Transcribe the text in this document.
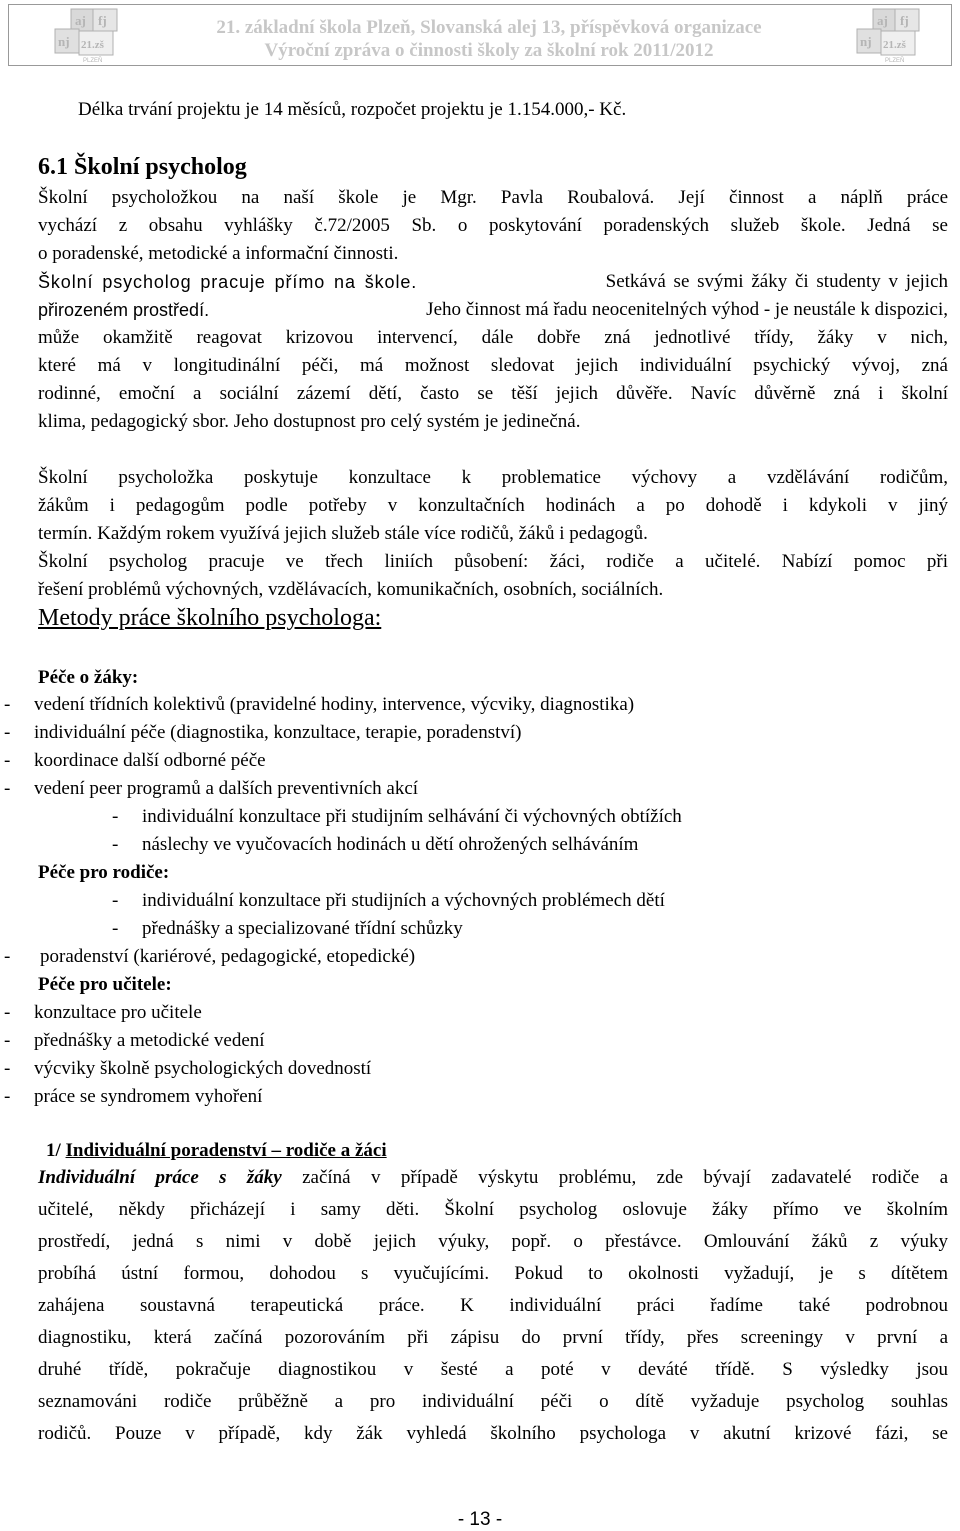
aj fj
nj 21.zš
PLZEŇ
21. základní škola Plzeň, Slovanská alej 13, příspěvková organizace
Výroční zpráva o činnosti školy za školní rok 2011/2012
aj fj
nj 21.zš
PLZEŇ
Délka trvání projektu je 14 měsíců, rozpočet projektu je 1.154.000,- Kč.
6.1 Školní psycholog
Školní psycholožkou na naší škole je Mgr. Pavla Roubalová. Její činnost a náplň práce
vychází z obsahu vyhlášky č.72/2005 Sb. o poskytování poradenských služeb škole. Jedná se
o poradenské, metodické a informační činnosti.
Školní psycholog pracuje přímo na škole.	Setkává se svými žáky či studenty v jejich
přirozeném prostředí.	Jeho činnost má řadu neocenitelných výhod - je neustále k dispozici,
může okamžitě reagovat krizovou intervencí, dále dobře zná jednotlivé třídy, žáky v nich,
které má v longitudinální péči, má možnost sledovat jejich individuální psychický vývoj, zná
rodinné, emoční a sociální zázemí dětí, často se těší jejich důvěře. Navíc důvěrně zná i školní
klima, pedagogický sbor. Jeho dostupnost pro celý systém je jedinečná.
Školní psycholožka poskytuje konzultace k problematice výchovy a vzdělávání rodičům,
žákům i pedagogům podle potřeby v konzultačních hodinách a po dohodě i kdykoli v jiný
termín. Každým rokem využívá jejich služeb stále více rodičů, žáků i pedagogů.
Školní psycholog pracuje ve třech liniích působení: žáci, rodiče a učitelé. Nabízí pomoc při
řešení problémů výchovných, vzdělávacích, komunikačních, osobních, sociálních.
Metody práce školního psychologa:
Péče o žáky:
- vedení třídních kolektivů (pravidelné hodiny, intervence, výcviky, diagnostika)
- individuální péče (diagnostika, konzultace, terapie, poradenství)
- koordinace další odborné péče
- vedení peer programů a dalších preventivních akcí
- individuální konzultace při studijním selhávání či výchovných obtížích
- náslechy ve vyučovacích hodinách u dětí ohrožených selháváním
Péče pro rodiče:
- individuální konzultace při studijních a výchovných problémech dětí
- přednášky a specializované třídní schůzky
- poradenství (kariérové, pedagogické, etopedické)
Péče pro učitele:
- konzultace pro učitele
- přednášky a metodické vedení
- výcviky školně psychologických dovedností
- práce se syndromem vyhoření
1/ Individuální poradenství – rodiče a žáci
Individuální práce s žáky začíná v případě výskytu problému, zde bývají zadavatelé rodiče a
učitelé, někdy přicházejí i samy děti. Školní psycholog oslovuje žáky přímo ve školním
prostředí, jedná s nimi v době jejich výuky, popř. o přestávce. Omlouvání žáků z výuky
probíhá ústní formou, dohodou s vyučujícími. Pokud to okolnosti vyžadují, je s dítětem
zahájena soustavná terapeutická práce. K individuální práci řadíme také podrobnou
diagnostiku, která začíná pozorováním při zápisu do první třídy, přes screeningy v první a
druhé třídě, pokračuje diagnostikou v šesté a poté v deváté třídě. S výsledky jsou
seznamováni rodiče průběžně a pro individuální péči o dítě vyžaduje psycholog souhlas
rodičů. Pouze v případě, kdy žák vyhledá školního psychologa v akutní krizové fázi, se
- 13 -
